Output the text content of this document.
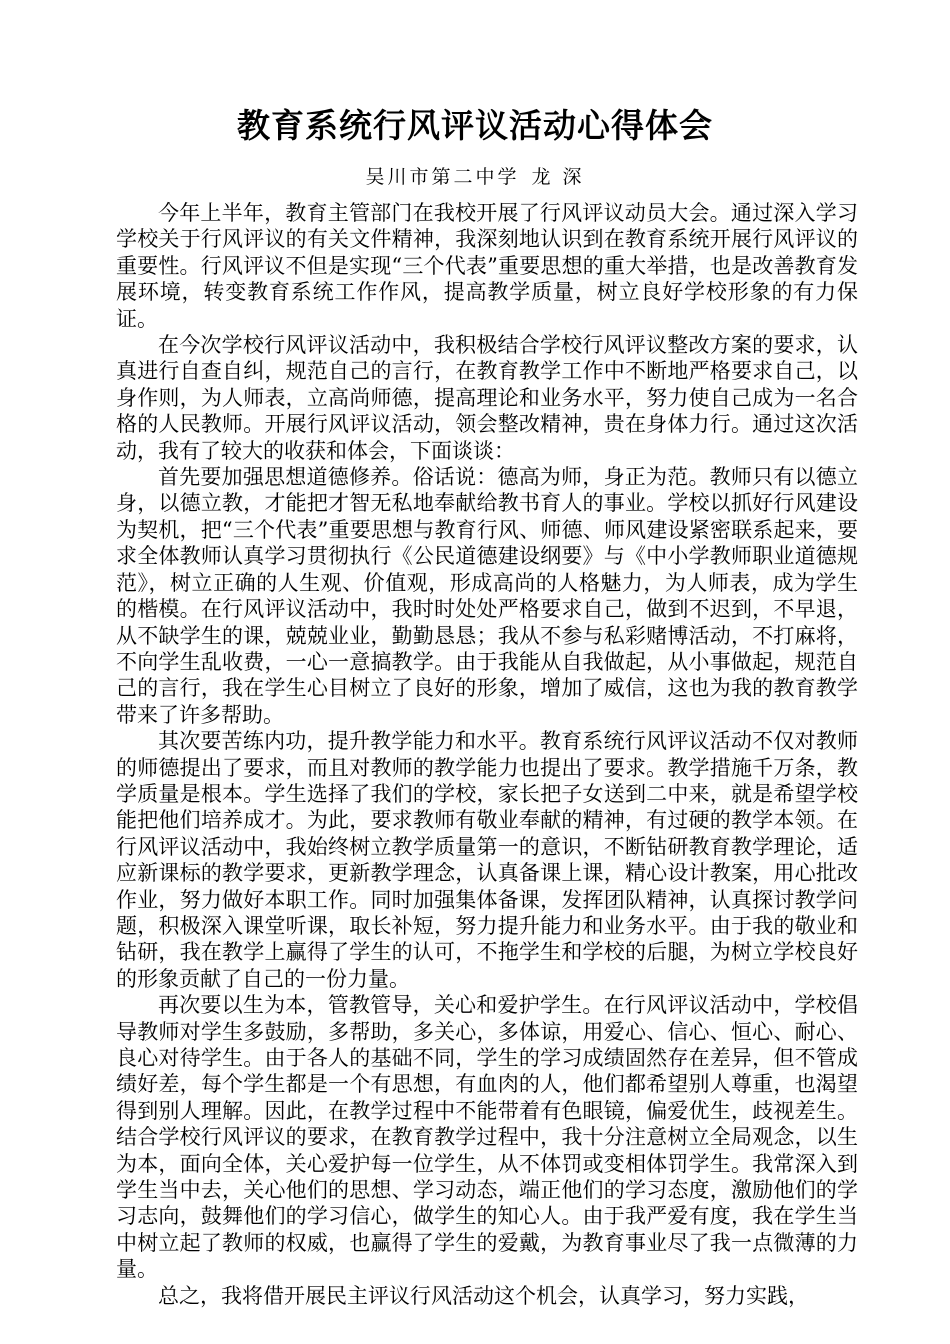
教育系统行风评议活动心得体会
吴川市第二中学 龙 深

今年上半年，教育主管部门在我校开展了行风评议动员大会。通过深入学习学校关于行风评议的有关文件精神，我深刻地认识到在教育系统开展行风评议的重要性。行风评议不但是实现“三个代表”重要思想的重大举措，也是改善教育发展环境，转变教育系统工作作风，提高教学质量，树立良好学校形象的有力保证。

在今次学校行风评议活动中，我积极结合学校行风评议整改方案的要求，认真进行自查自纠，规范自己的言行，在教育教学工作中不断地严格要求自己，以身作则，为人师表，立高尚师德，提高理论和业务水平，努力使自己成为一名合格的人民教师。开展行风评议活动，领会整改精神，贵在身体力行。通过这次活动，我有了较大的收获和体会，下面谈谈：

首先要加强思想道德修养。俗话说：德高为师，身正为范。教师只有以德立身，以德立教，才能把才智无私地奉献给教书育人的事业。学校以抓好行风建设为契机，把“三个代表”重要思想与教育行风、师德、师风建设紧密联系起来，要求全体教师认真学习贯彻执行《公民道德建设纲要》与《中小学教师职业道德规范》，树立正确的人生观、价值观，形成高尚的人格魅力，为人师表，成为学生的楷模。在行风评议活动中，我时时处处严格要求自己，做到不迟到，不早退，从不缺学生的课，兢兢业业，勤勤恳恳；我从不参与私彩赌博活动，不打麻将，不向学生乱收费，一心一意搞教学。由于我能从自我做起，从小事做起，规范自己的言行，我在学生心目树立了良好的形象，增加了威信，这也为我的教育教学带来了许多帮助。

其次要苦练内功，提升教学能力和水平。教育系统行风评议活动不仅对教师的师德提出了要求，而且对教师的教学能力也提出了要求。教学措施千万条，教学质量是根本。学生选择了我们的学校，家长把子女送到二中来，就是希望学校能把他们培养成才。为此，要求教师有敬业奉献的精神，有过硬的教学本领。在行风评议活动中，我始终树立教学质量第一的意识，不断钻研教育教学理论，适应新课标的教学要求，更新教学理念，认真备课上课，精心设计教案，用心批改作业，努力做好本职工作。同时加强集体备课，发挥团队精神，认真探讨教学问题，积极深入课堂听课，取长补短，努力提升能力和业务水平。由于我的敬业和钻研，我在教学上赢得了学生的认可，不拖学生和学校的后腿，为树立学校良好的形象贡献了自己的一份力量。

再次要以生为本，管教管导，关心和爱护学生。在行风评议活动中，学校倡导教师对学生多鼓励，多帮助，多关心，多体谅，用爱心、信心、恒心、耐心、良心对待学生。由于各人的基础不同，学生的学习成绩固然存在差异，但不管成绩好差，每个学生都是一个有思想，有血肉的人，他们都希望别人尊重，也渴望得到别人理解。因此，在教学过程中不能带着有色眼镜，偏爱优生，歧视差生。结合学校行风评议的要求，在教育教学过程中，我十分注意树立全局观念，以生为本，面向全体，关心爱护每一位学生，从不体罚或变相体罚学生。我常深入到学生当中去，关心他们的思想、学习动态，端正他们的学习态度，激励他们的学习志向，鼓舞他们的学习信心，做学生的知心人。由于我严爱有度，我在学生当中树立起了教师的权威，也赢得了学生的爱戴，为教育事业尽了我一点微薄的力量。

总之，我将借开展民主评议行风活动这个机会，认真学习，努力实践，
